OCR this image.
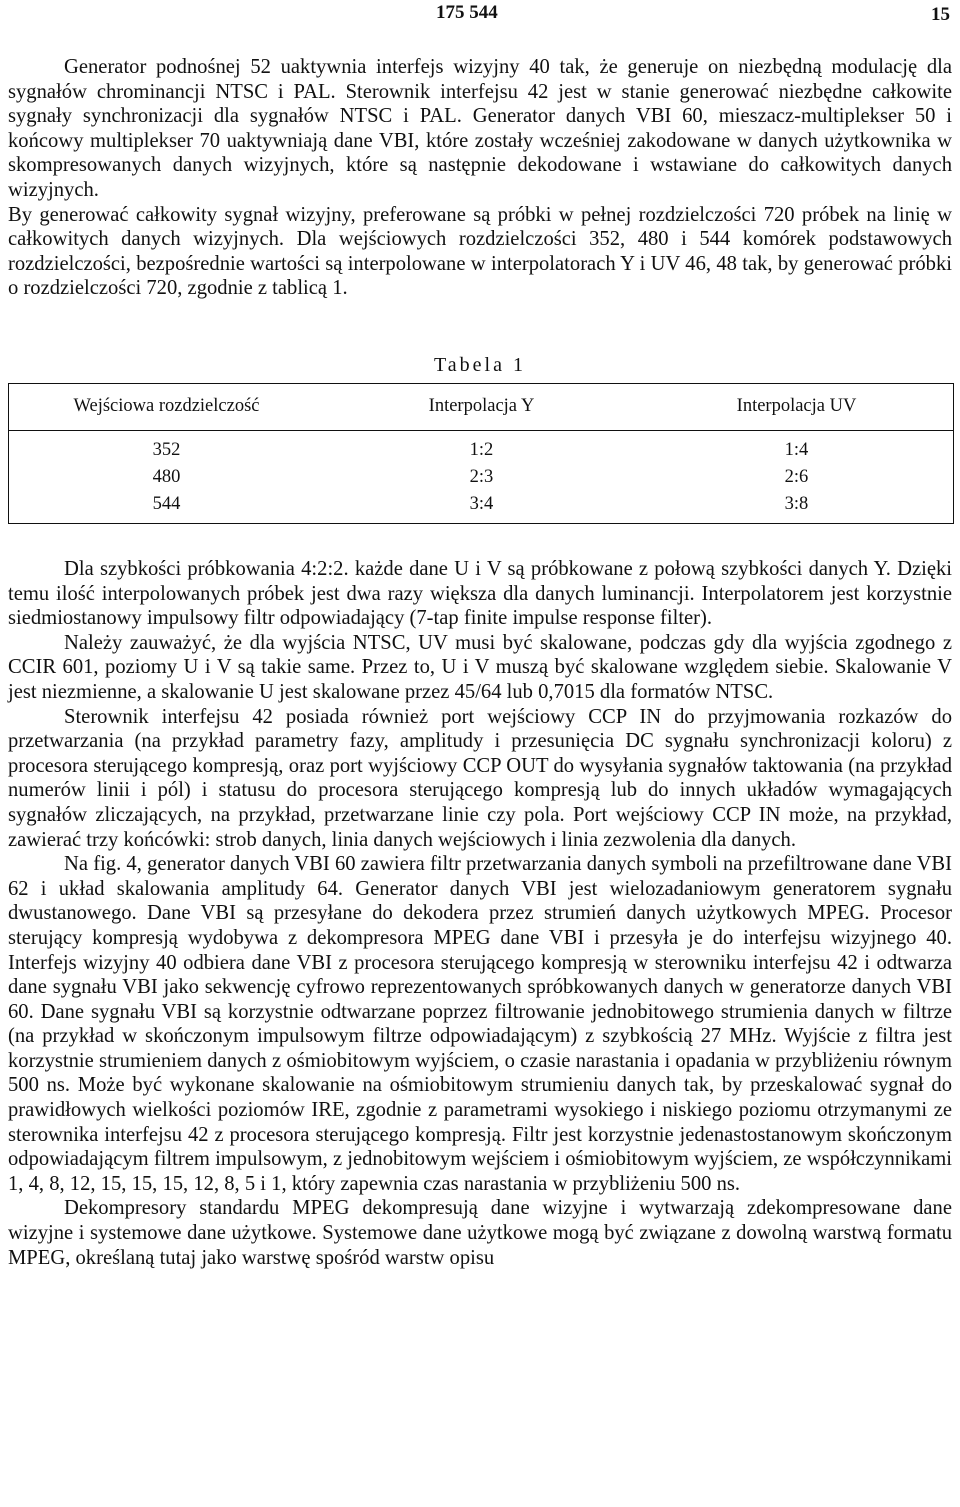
175 544	15

Generator podnośnej 52 uaktywnia interfejs wizyjny 40 tak, że generuje on niezbędną modulację dla sygnałów chrominancji NTSC i PAL. Sterownik interfejsu 42 jest w stanie generować niezbędne całkowite sygnały synchronizacji dla sygnałów NTSC i PAL. Generator danych VBI 60, mieszacz-multiplekser 50 i końcowy multiplekser 70 uaktywniają dane VBI, które zostały wcześniej zakodowane w danych użytkownika w skompresowanych danych wizyjnych, które są następnie dekodowane i wstawiane do całkowitych danych wizyjnych.

By generować całkowity sygnał wizyjny, preferowane są próbki w pełnej rozdzielczości 720 próbek na linię w całkowitych danych wizyjnych. Dla wejściowych rozdzielczości 352, 480 i 544 komórek podstawowych rozdzielczości, bezpośrednie wartości są interpolowane w interpolatorach Y i UV 46, 48 tak, by generować próbki o rozdzielczości 720, zgodnie z tablicą 1.

Tabela 1
Wejściowa rozdzielczość	Interpolacja Y	Interpolacja UV
352	1:2	1:4
480	2:3	2:6
544	3:4	3:8

Dla szybkości próbkowania 4:2:2. każde dane U i V są próbkowane z połową szybkości danych Y. Dzięki temu ilość interpolowanych próbek jest dwa razy większa dla danych luminancji. Interpolatorem jest korzystnie siedmiostanowy impulsowy filtr odpowiadający (7-tap finite impulse response filter).

Należy zauważyć, że dla wyjścia NTSC, UV musi być skalowane, podczas gdy dla wyjścia zgodnego z CCIR 601, poziomy U i V są takie same. Przez to, U i V muszą być skalowane względem siebie. Skalowanie V jest niezmienne, a skalowanie U jest skalowane przez 45/64 lub 0,7015 dla formatów NTSC.

Sterownik interfejsu 42 posiada również port wejściowy CCP IN do przyjmowania rozkazów do przetwarzania (na przykład parametry fazy, amplitudy i przesunięcia DC sygnału synchronizacji koloru) z procesora sterującego kompresją, oraz port wyjściowy CCP OUT do wysyłania sygnałów taktowania (na przykład numerów linii i pól) i statusu do procesora sterującego kompresją lub do innych układów wymagających sygnałów zliczających, na przykład, przetwarzane linie czy pola. Port wejściowy CCP IN może, na przykład, zawierać trzy końcówki: strob danych, linia danych wejściowych i linia zezwolenia dla danych.

Na fig. 4, generator danych VBI 60 zawiera filtr przetwarzania danych symboli na przefiltrowane dane VBI 62 i układ skalowania amplitudy 64. Generator danych VBI jest wielozadaniowym generatorem sygnału dwustanowego. Dane VBI są przesyłane do dekodera przez strumień danych użytkowych MPEG. Procesor sterujący kompresją wydobywa z dekompresora MPEG dane VBI i przesyła je do interfejsu wizyjnego 40. Interfejs wizyjny 40 odbiera dane VBI z procesora sterującego kompresją w sterowniku interfejsu 42 i odtwarza dane sygnału VBI jako sekwencję cyfrowo reprezentowanych spróbkowanych danych w generatorze danych VBI 60. Dane sygnału VBI są korzystnie odtwarzane poprzez filtrowanie jednobitowego strumienia danych w filtrze (na przykład w skończonym impulsowym filtrze odpowiadającym) z szybkością 27 MHz. Wyjście z filtra jest korzystnie strumieniem danych z ośmiobitowym wyjściem, o czasie narastania i opadania w przybliżeniu równym 500 ns. Może być wykonane skalowanie na ośmiobitowym strumieniu danych tak, by przeskalować sygnał do prawidłowych wielkości poziomów IRE, zgodnie z parametrami wysokiego i niskiego poziomu otrzymanymi ze sterownika interfejsu 42 z procesora sterującego kompresją. Filtr jest korzystnie jedenastostanowym skończonym odpowiadającym filtrem impulsowym, z jednobitowym wejściem i ośmiobitowym wyjściem, ze współczynnikami 1, 4, 8, 12, 15, 15, 15, 12, 8, 5 i 1, który zapewnia czas narastania w przybliżeniu 500 ns.

Dekompresory standardu MPEG dekompresują dane wizyjne i wytwarzają zdekompresowane dane wizyjne i systemowe dane użytkowe. Systemowe dane użytkowe mogą być związane z dowolną warstwą formatu MPEG, określaną tutaj jako warstwę spośród warstw opisu
